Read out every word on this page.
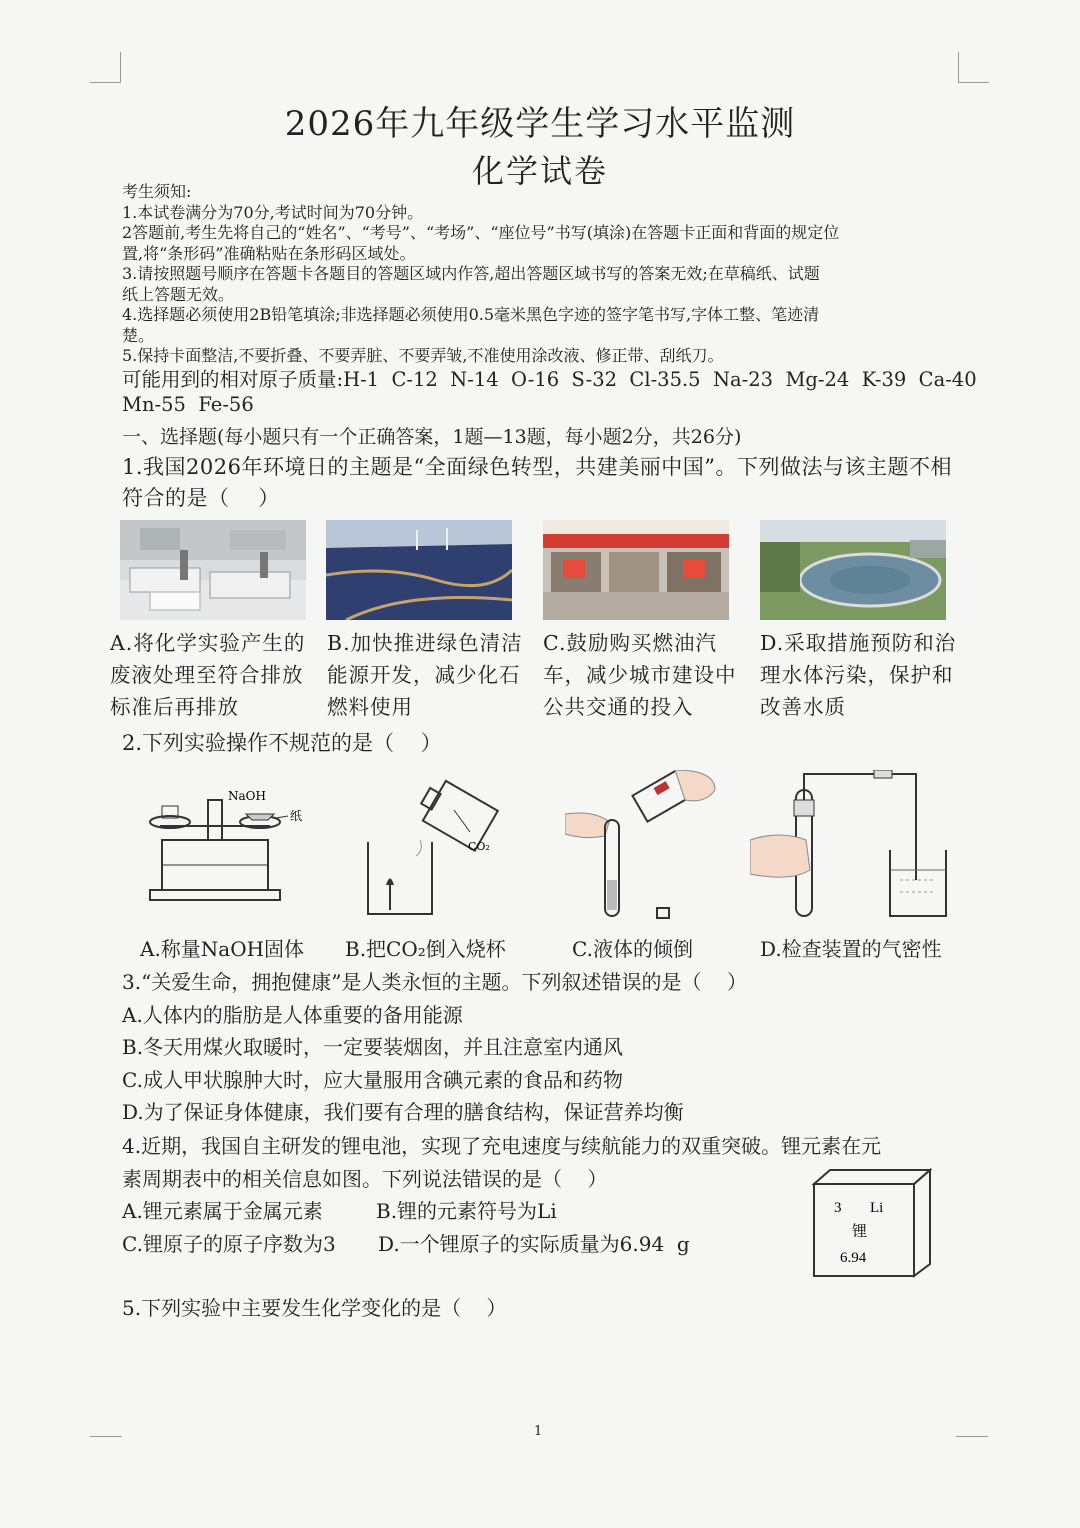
2026年九年级学生学习水平监测
化学试卷
考生须知:
1.本试卷满分为70分,考试时间为70分钟。
2答题前,考生先将自己的“姓名”、“考号”、“考场”、“座位号”书写(填涂)在答题卡正面和背面的规定位
置,将“条形码”准确粘贴在条形码区域处。
3.请按照题号顺序在答题卡各题目的答题区域内作答,超出答题区域书写的答案无效;在草稿纸、试题
纸上答题无效。
4.选择题必须使用2B铅笔填涂;非选择题必须使用0.5毫米黑色字迹的签字笔书写,字体工整、笔迹清
楚。
5.保持卡面整洁,不要折叠、不要弄脏、不要弄皱,不准使用涂改液、修正带、刮纸刀。
可能用到的相对原子质量:H-1  C-12  N-14  O-16  S-32  Cl-35.5  Na-23  Mg-24  K-39  Ca-40
Mn-55  Fe-56
一、选择题(每小题只有一个正确答案，1题—13题，每小题2分，共26分)
1.我国2026年环境日的主题是“全面绿色转型，共建美丽中国”。下列做法与该主题不相
符合的是（    ）
A.将化学实验产生的
废液处理至符合排放
标准后再排放
B.加快推进绿色清洁
能源开发，减少化石
燃料使用
C.鼓励购买燃油汽
车，减少城市建设中
公共交通的投入
D.采取措施预防和治
理水体污染，保护和
改善水质
2.下列实验操作不规范的是（    ）
NaOH
纸
CO₂
A.称量NaOH固体 B.把CO₂倒入烧杯	C.液体的倾倒	D.检查装置的气密性
3.“关爱生命，拥抱健康”是人类永恒的主题。下列叙述错误的是（    ）
A.人体内的脂肪是人体重要的备用能源
B.冬天用煤火取暖时，一定要装烟囱，并且注意室内通风
C.成人甲状腺肿大时，应大量服用含碘元素的食品和药物
D.为了保证身体健康，我们要有合理的膳食结构，保证营养均衡
4.近期，我国自主研发的锂电池，实现了充电速度与续航能力的双重突破。锂元素在元
素周期表中的相关信息如图。下列说法错误的是（    ）
A.锂元素属于金属元素	B.锂的元素符号为Li
C.锂原子的原子序数为3 D.一个锂原子的实际质量为6.94  g
3 Li
锂
6.94
5.下列实验中主要发生化学变化的是（    ）
1
